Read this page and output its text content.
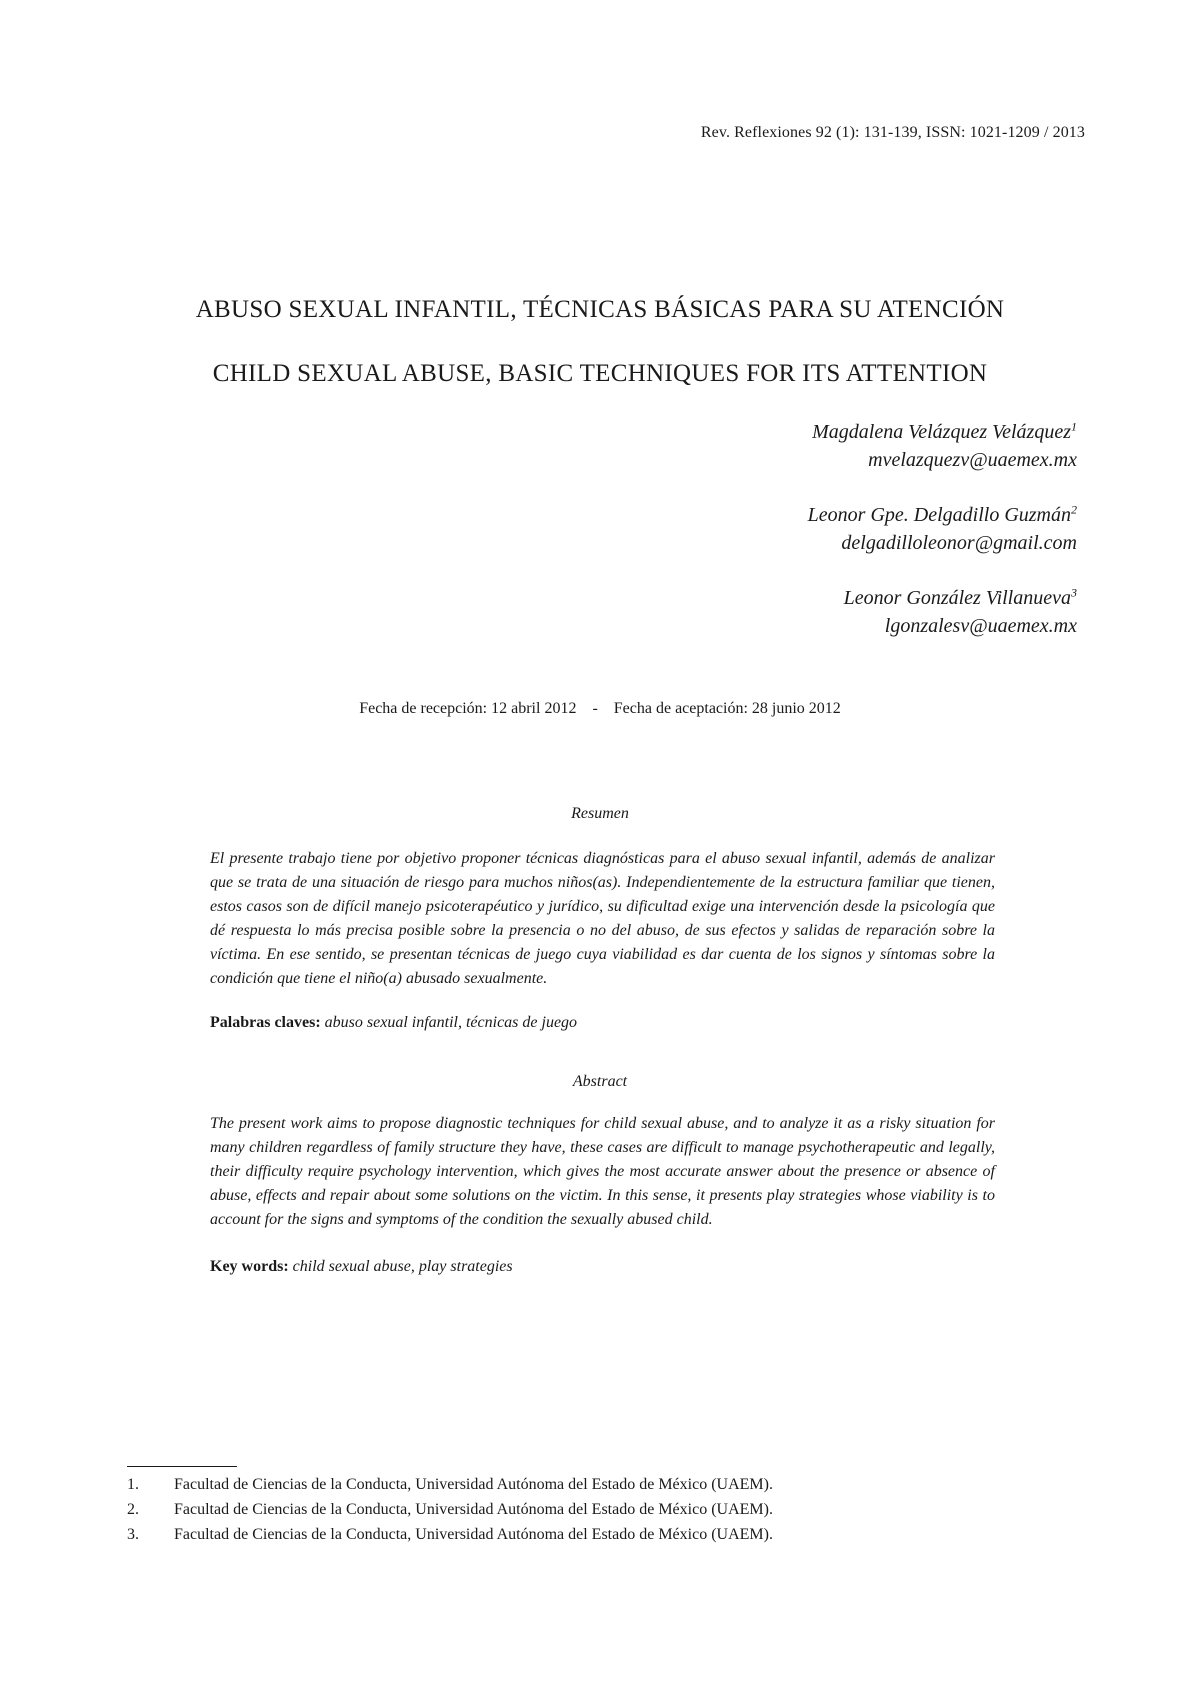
Rev. Reflexiones 92 (1): 131-139, ISSN: 1021-1209 / 2013
ABUSO SEXUAL INFANTIL, TÉCNICAS BÁSICAS PARA SU ATENCIÓN
CHILD SEXUAL ABUSE, BASIC TECHNIQUES FOR ITS ATTENTION
Magdalena Velázquez Velázquez$^1$
mvelazquezv@uaemex.mx
Leonor Gpe. Delgadillo Guzmán$^2$
delgadilloleonor@gmail.com
Leonor González Villanueva$^3$
lgonzalesv@uaemex.mx
Fecha de recepción: 12 abril 2012 - Fecha de aceptación: 28 junio 2012
Resumen
El presente trabajo tiene por objetivo proponer técnicas diagnósticas para el abuso sexual infantil, además de analizar que se trata de una situación de riesgo para muchos niños(as). Independientemente de la estructura familiar que tienen, estos casos son de difícil manejo psicoterapéutico y jurídico, su dificultad exige una intervención desde la psicología que dé respuesta lo más precisa posible sobre la presencia o no del abuso, de sus efectos y salidas de reparación sobre la víctima. En ese sentido, se presentan técnicas de juego cuya viabilidad es dar cuenta de los signos y síntomas sobre la condición que tiene el niño(a) abusado sexualmente.
Palabras claves: abuso sexual infantil, técnicas de juego
Abstract
The present work aims to propose diagnostic techniques for child sexual abuse, and to analyze it as a risky situation for many children regardless of family structure they have, these cases are difficult to manage psychotherapeutic and legally, their difficulty require psychology intervention, which gives the most accurate answer about the presence or absence of abuse, effects and repair about some solutions on the victim. In this sense, it presents play strategies whose viability is to account for the signs and symptoms of the condition the sexually abused child.
Key words: child sexual abuse, play strategies
1.	Facultad de Ciencias de la Conducta, Universidad Autónoma del Estado de México (UAEM).
2.	Facultad de Ciencias de la Conducta, Universidad Autónoma del Estado de México (UAEM).
3.	Facultad de Ciencias de la Conducta, Universidad Autónoma del Estado de México (UAEM).
